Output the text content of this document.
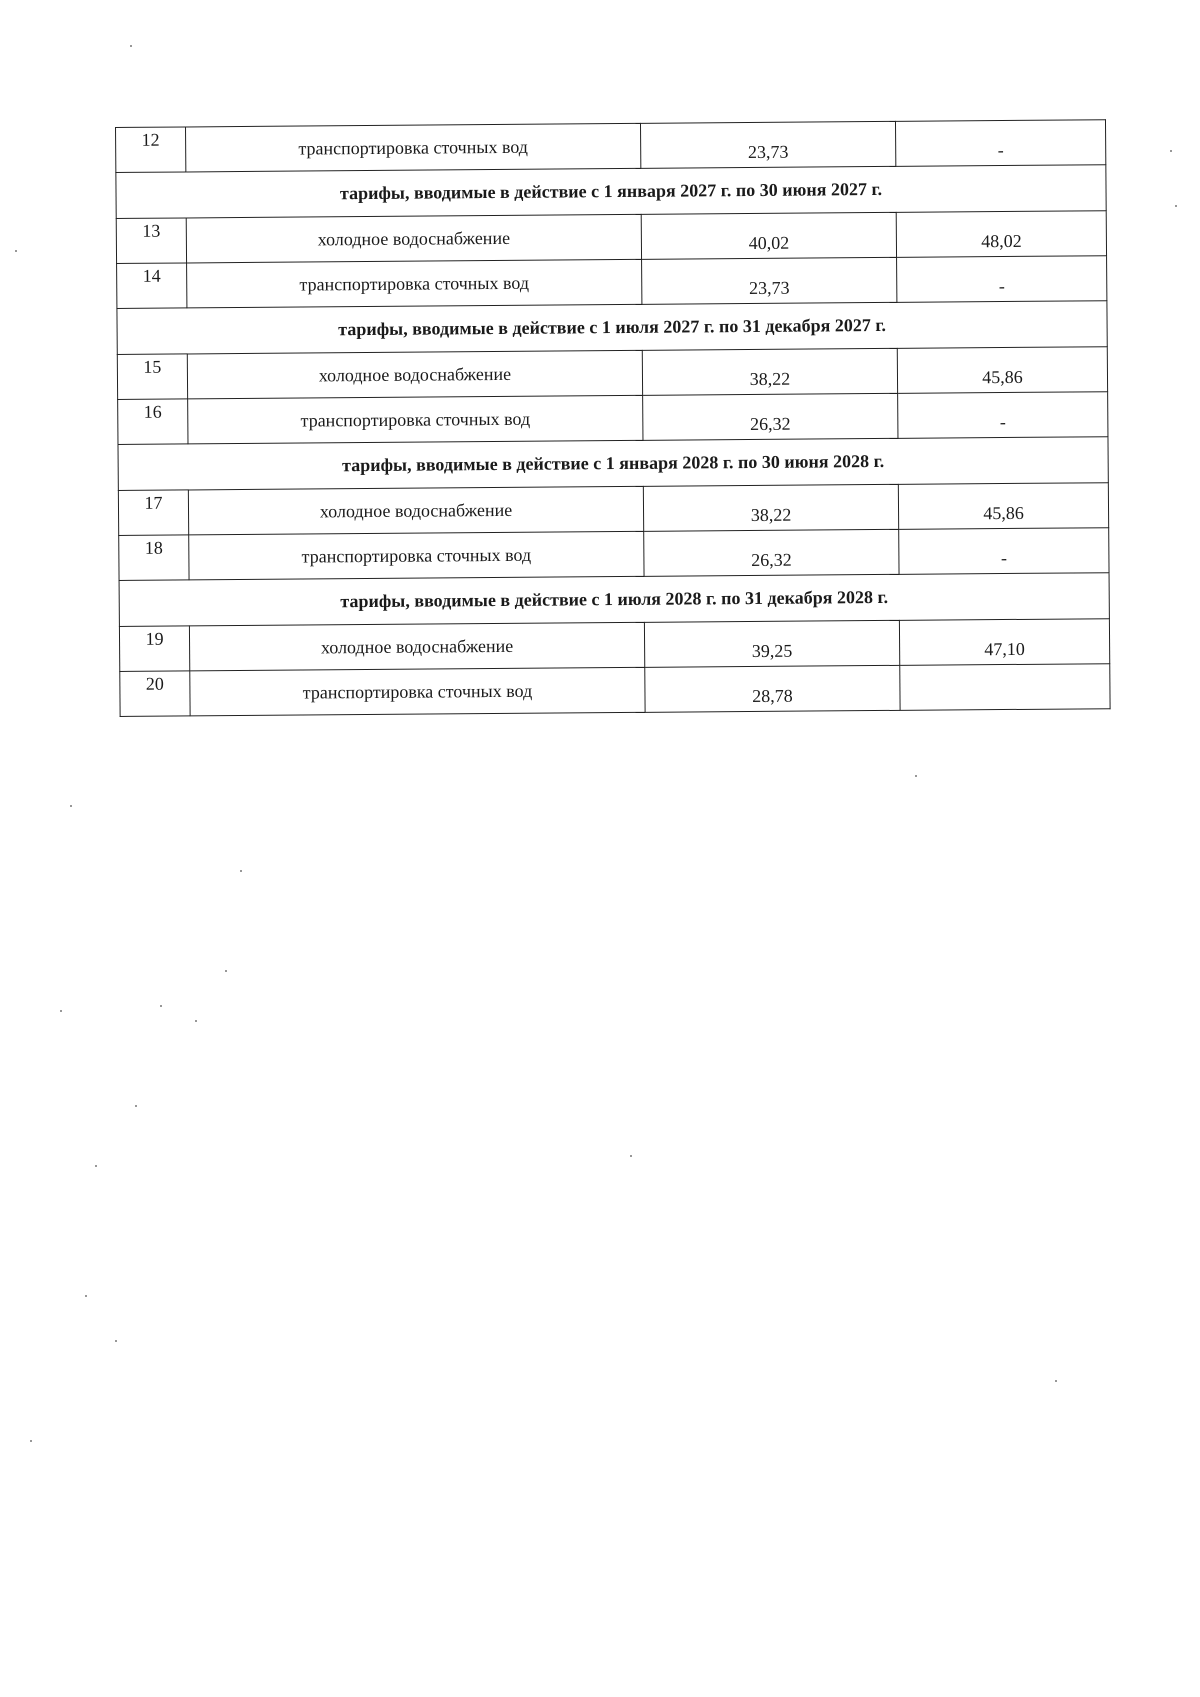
12	транспортировка сточных вод	23,73	-
тарифы, вводимые в действие с 1 января 2027 г. по 30 июня 2027 г.			
13	холодное водоснабжение	40,02	48,02
14	транспортировка сточных вод	23,73	-
тарифы, вводимые в действие с 1 июля 2027 г. по 31 декабря 2027 г.			
15	холодное водоснабжение	38,22	45,86
16	транспортировка сточных вод	26,32	-
тарифы, вводимые в действие с 1 января 2028 г. по 30 июня 2028 г.			
17	холодное водоснабжение	38,22	45,86
18	транспортировка сточных вод	26,32	-
тарифы, вводимые в действие с 1 июля 2028 г. по 31 декабря 2028 г.			
19	холодное водоснабжение	39,25	47,10
20	транспортировка сточных вод	28,78	
